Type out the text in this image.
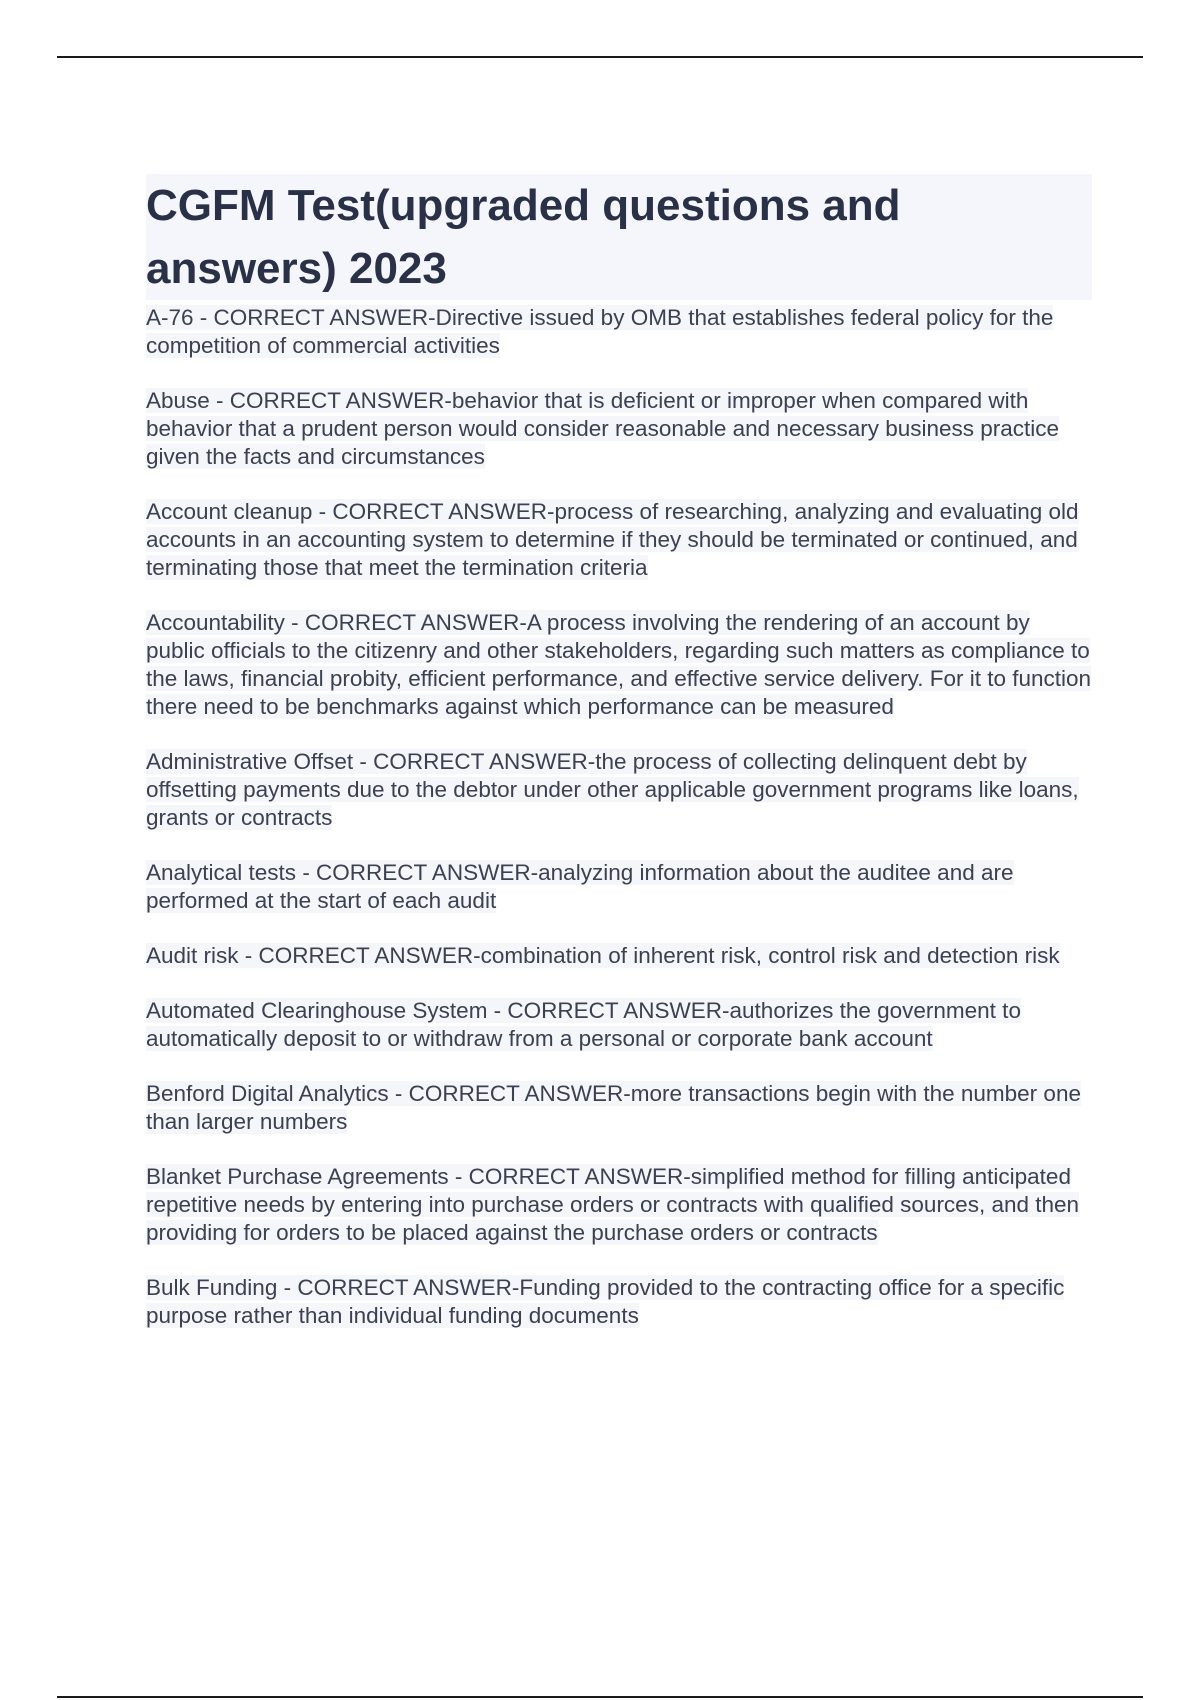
CGFM Test(upgraded questions and answers) 2023

A-76 - CORRECT ANSWER-Directive issued by OMB that establishes federal policy for the competition of commercial activities

Abuse - CORRECT ANSWER-behavior that is deficient or improper when compared with behavior that a prudent person would consider reasonable and necessary business practice given the facts and circumstances

Account cleanup - CORRECT ANSWER-process of researching, analyzing and evaluating old accounts in an accounting system to determine if they should be terminated or continued, and terminating those that meet the termination criteria

Accountability - CORRECT ANSWER-A process involving the rendering of an account by public officials to the citizenry and other stakeholders, regarding such matters as compliance to the laws, financial probity, efficient performance, and effective service delivery. For it to function there need to be benchmarks against which performance can be measured

Administrative Offset - CORRECT ANSWER-the process of collecting delinquent debt by offsetting payments due to the debtor under other applicable government programs like loans, grants or contracts

Analytical tests - CORRECT ANSWER-analyzing information about the auditee and are performed at the start of each audit

Audit risk - CORRECT ANSWER-combination of inherent risk, control risk and detection risk

Automated Clearinghouse System - CORRECT ANSWER-authorizes the government to automatically deposit to or withdraw from a personal or corporate bank account

Benford Digital Analytics - CORRECT ANSWER-more transactions begin with the number one than larger numbers

Blanket Purchase Agreements - CORRECT ANSWER-simplified method for filling anticipated repetitive needs by entering into purchase orders or contracts with qualified sources, and then providing for orders to be placed against the purchase orders or contracts

Bulk Funding - CORRECT ANSWER-Funding provided to the contracting office for a specific purpose rather than individual funding documents
